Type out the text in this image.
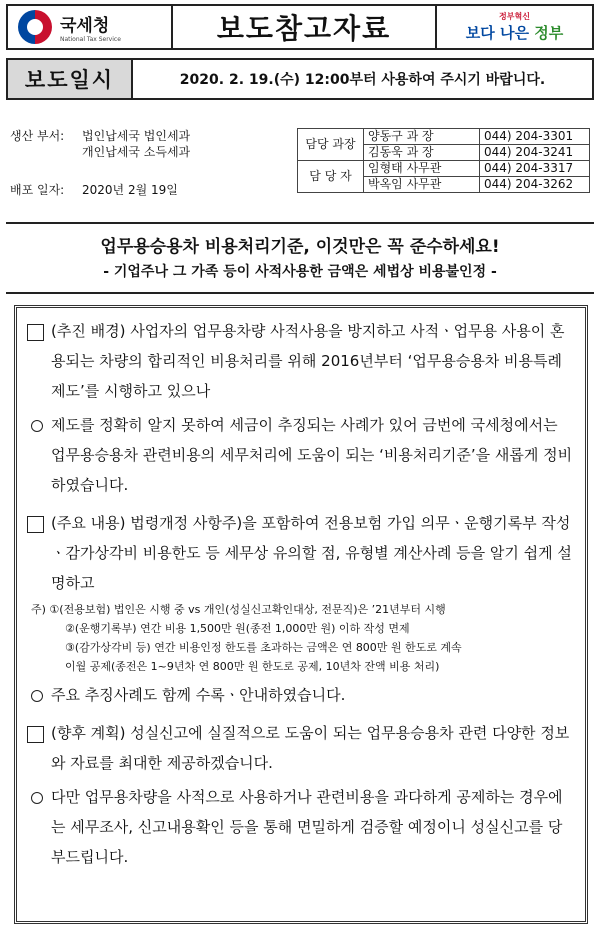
국세청
National Tax Service	보도참고자료	정부혁신
보다 나은 정부
보도일시	2020. 2. 19.(수) 12:00부터 사용하여 주시기 바랍니다.
생산 부서:	법인납세국 법인세과
개인납세국 소득세과
배포 일자:	2020년 2월 19일
담당 과장	양동구 과 장	044) 204-3301
	김동욱 과 장	044) 204-3241
담 당 자	임형태 사무관	044) 204-3317
	박옥임 사무관	044) 204-3262
업무용승용차 비용처리기준, 이것만은 꼭 준수하세요!
- 기업주나 그 가족 등이 사적사용한 금액은 세법상 비용불인정 -
(추진 배경) 사업자의 업무용차량 사적사용을 방지하고 사적ㆍ업무용 사용이 혼용되는 차량의 합리적인 비용처리를 위해 2016년부터 ‘업무용승용차 비용특례제도’를 시행하고 있으나
제도를 정확히 알지 못하여 세금이 추징되는 사례가 있어 금번에 국세청에서는 업무용승용차 관련비용의 세무처리에 도움이 되는 ‘비용처리기준’을 새롭게 정비하였습니다.
(주요 내용) 법령개정 사항주)을 포함하여 전용보험 가입 의무ㆍ운행기록부 작성ㆍ감가상각비 비용한도 등 세무상 유의할 점, 유형별 계산사례 등을 알기 쉽게 설명하고
주) ①(전용보험) 법인은 시행 중 vs 개인(성실신고확인대상, 전문직)은 ’21년부터 시행
②(운행기록부) 연간 비용 1,500만 원(종전 1,000만 원) 이하 작성 면제
③(감가상각비 등) 연간 비용인정 한도를 초과하는 금액은 연 800만 원 한도로 계속
이월 공제(종전은 1~9년차 연 800만 원 한도로 공제, 10년차 잔액 비용 처리)
주요 추징사례도 함께 수록ㆍ안내하였습니다.
(향후 계획) 성실신고에 실질적으로 도움이 되는 업무용승용차 관련 다양한 정보와 자료를 최대한 제공하겠습니다.
다만 업무용차량을 사적으로 사용하거나 관련비용을 과다하게 공제하는 경우에는 세무조사, 신고내용확인 등을 통해 면밀하게 검증할 예정이니 성실신고를 당부드립니다.
